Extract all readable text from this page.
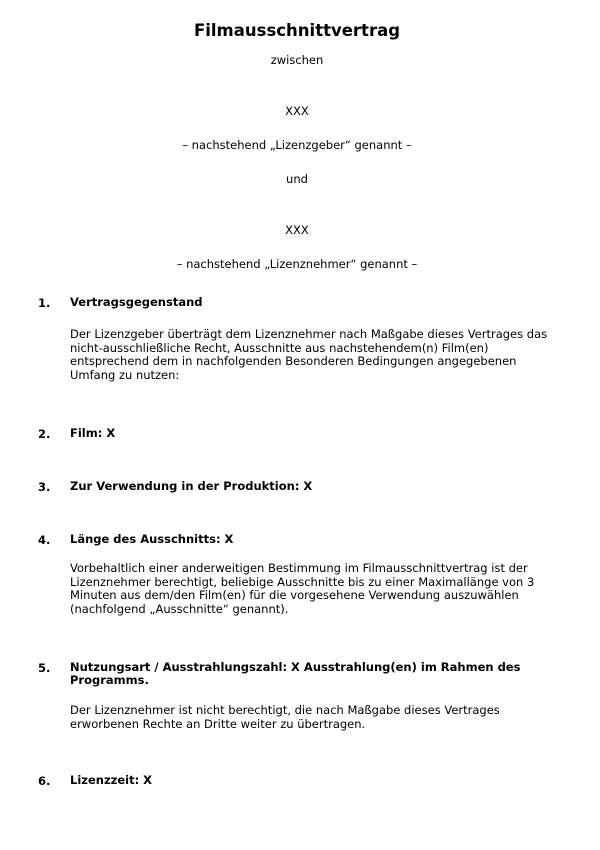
Filmausschnittvertrag
zwischen
XXX
– nachstehend „Lizenzgeber“ genannt –
und
XXX
– nachstehend „Lizenznehmer“ genannt –
1. Vertragsgegenstand
Der Lizenzgeber überträgt dem Lizenznehmer nach Maßgabe dieses Vertrages das
nicht-ausschließliche Recht, Ausschnitte aus nachstehendem(n) Film(en)
entsprechend dem in nachfolgenden Besonderen Bedingungen angegebenen
Umfang zu nutzen:
2. Film: X
3. Zur Verwendung in der Produktion: X
4. Länge des Ausschnitts: X
Vorbehaltlich einer anderweitigen Bestimmung im Filmausschnittvertrag ist der
Lizenznehmer berechtigt, beliebige Ausschnitte bis zu einer Maximallänge von 3
Minuten aus dem/den Film(en) für die vorgesehene Verwendung auszuwählen
(nachfolgend „Ausschnitte“ genannt).
5. Nutzungsart / Ausstrahlungszahl: X Ausstrahlung(en) im Rahmen des
Programms.
Der Lizenznehmer ist nicht berechtigt, die nach Maßgabe dieses Vertrages
erworbenen Rechte an Dritte weiter zu übertragen.
6. Lizenzzeit: X
